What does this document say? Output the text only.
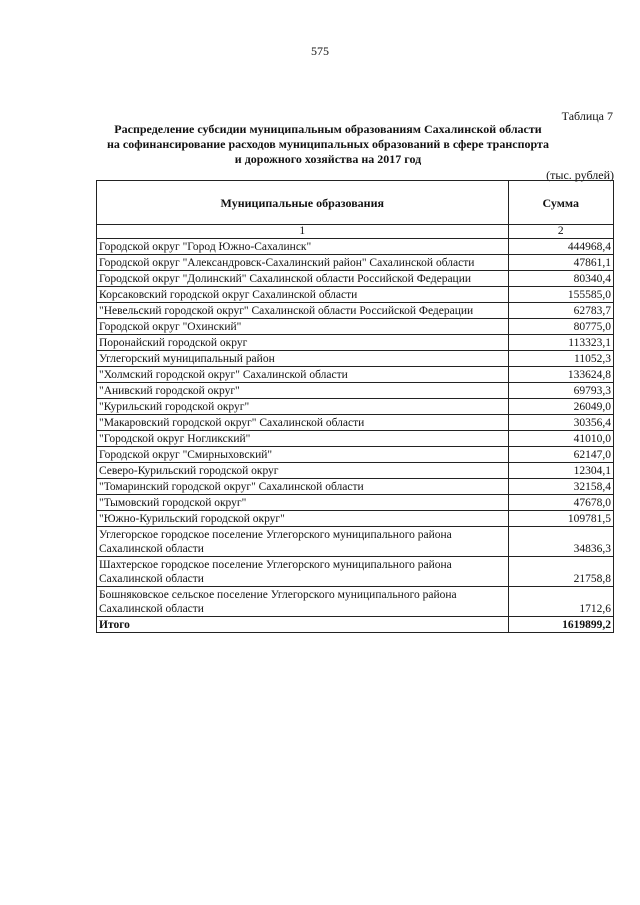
575
Таблица 7
Распределение субсидии муниципальным образованиям Сахалинской области
на софинансирование расходов муниципальных образований в сфере транспорта
и дорожного хозяйства на 2017 год
(тыс. рублей)
Муниципальные образования	Сумма
1	2
Городской округ "Город Южно-Сахалинск"	444968,4
Городской округ "Александровск-Сахалинский район" Сахалинской области	47861,1
Городской округ "Долинский" Сахалинской области Российской Федерации	80340,4
Корсаковский городской округ Сахалинской области	155585,0
"Невельский городской округ" Сахалинской области Российской Федерации	62783,7
Городской округ "Охинский"	80775,0
Поронайский городской округ	113323,1
Углегорский муниципальный район	11052,3
"Холмский городской округ" Сахалинской области	133624,8
"Анивский городской округ"	69793,3
"Курильский городской округ"	26049,0
"Макаровский городской округ" Сахалинской области	30356,4
"Городской округ Ногликский"	41010,0
Городской округ "Смирныховский"	62147,0
Северо-Курильский городской округ	12304,1
"Томаринский городской округ" Сахалинской области	32158,4
"Тымовский городской округ"	47678,0
"Южно-Курильский городской округ"	109781,5
Углегорское городское поселение Углегорского муниципального района Сахалинской области	34836,3
Шахтерское городское поселение Углегорского муниципального района Сахалинской области	21758,8
Бошняковское сельское поселение Углегорского муниципального района Сахалинской области	1712,6
Итого	1619899,2
